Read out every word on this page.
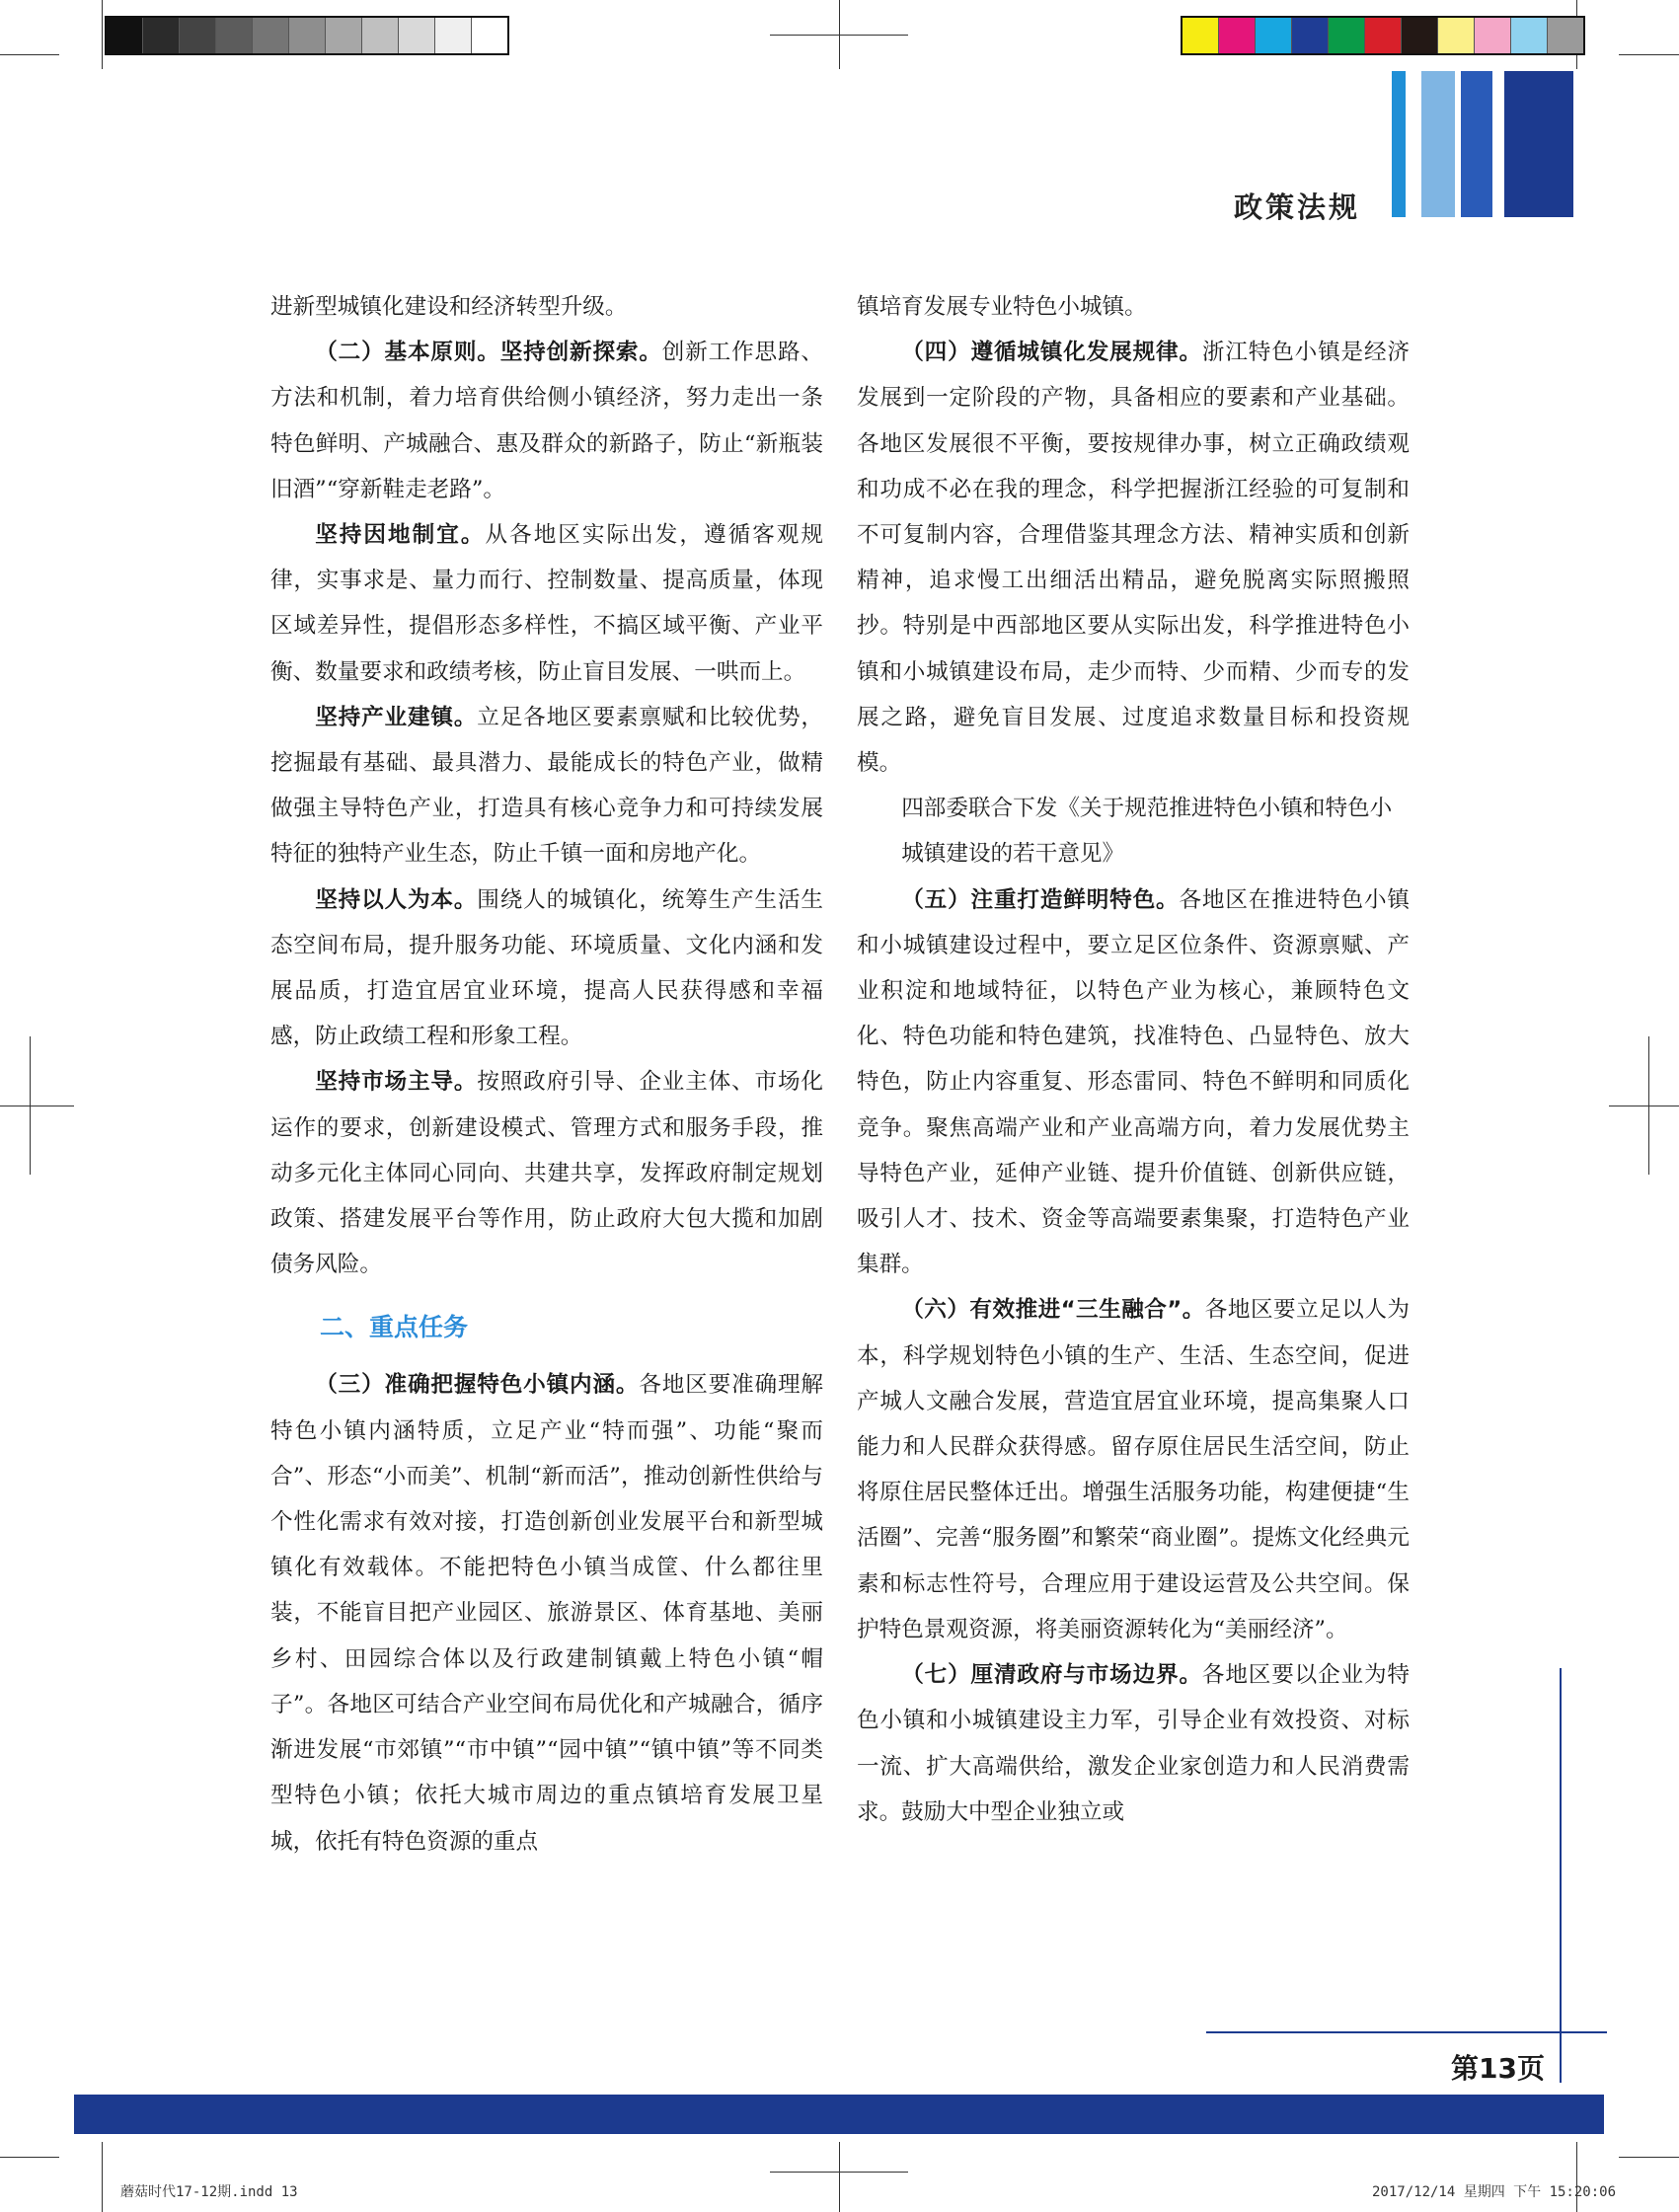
政策法规

进新型城镇化建设和经济转型升级。

（二）基本原则。坚持创新探索。创新工作思路、方法和机制，着力培育供给侧小镇经济，努力走出一条特色鲜明、产城融合、惠及群众的新路子，防止“新瓶装旧酒”“穿新鞋走老路”。

坚持因地制宜。从各地区实际出发，遵循客观规律，实事求是、量力而行、控制数量、提高质量，体现区域差异性，提倡形态多样性，不搞区域平衡、产业平衡、数量要求和政绩考核，防止盲目发展、一哄而上。

坚持产业建镇。立足各地区要素禀赋和比较优势，挖掘最有基础、最具潜力、最能成长的特色产业，做精做强主导特色产业，打造具有核心竞争力和可持续发展特征的独特产业生态，防止千镇一面和房地产化。

坚持以人为本。围绕人的城镇化，统筹生产生活生态空间布局，提升服务功能、环境质量、文化内涵和发展品质，打造宜居宜业环境，提高人民获得感和幸福感，防止政绩工程和形象工程。

坚持市场主导。按照政府引导、企业主体、市场化运作的要求，创新建设模式、管理方式和服务手段，推动多元化主体同心同向、共建共享，发挥政府制定规划政策、搭建发展平台等作用，防止政府大包大揽和加剧债务风险。

二、重点任务

（三）准确把握特色小镇内涵。各地区要准确理解特色小镇内涵特质，立足产业“特而强”、功能“聚而合”、形态“小而美”、机制“新而活”，推动创新性供给与个性化需求有效对接，打造创新创业发展平台和新型城镇化有效载体。不能把特色小镇当成筐、什么都往里装，不能盲目把产业园区、旅游景区、体育基地、美丽乡村、田园综合体以及行政建制镇戴上特色小镇“帽子”。各地区可结合产业空间布局优化和产城融合，循序渐进发展“市郊镇”“市中镇”“园中镇”“镇中镇”等不同类型特色小镇；依托大城市周边的重点镇培育发展卫星城，依托有特色资源的重点

镇培育发展专业特色小城镇。

（四）遵循城镇化发展规律。浙江特色小镇是经济发展到一定阶段的产物，具备相应的要素和产业基础。各地区发展很不平衡，要按规律办事，树立正确政绩观和功成不必在我的理念，科学把握浙江经验的可复制和不可复制内容，合理借鉴其理念方法、精神实质和创新精神，追求慢工出细活出精品，避免脱离实际照搬照抄。特别是中西部地区要从实际出发，科学推进特色小镇和小城镇建设布局，走少而特、少而精、少而专的发展之路，避免盲目发展、过度追求数量目标和投资规模。

四部委联合下发《关于规范推进特色小镇和特色小城镇建设的若干意见》

（五）注重打造鲜明特色。各地区在推进特色小镇和小城镇建设过程中，要立足区位条件、资源禀赋、产业积淀和地域特征，以特色产业为核心，兼顾特色文化、特色功能和特色建筑，找准特色、凸显特色、放大特色，防止内容重复、形态雷同、特色不鲜明和同质化竞争。聚焦高端产业和产业高端方向，着力发展优势主导特色产业，延伸产业链、提升价值链、创新供应链，吸引人才、技术、资金等高端要素集聚，打造特色产业集群。

（六）有效推进“三生融合”。各地区要立足以人为本，科学规划特色小镇的生产、生活、生态空间，促进产城人文融合发展，营造宜居宜业环境，提高集聚人口能力和人民群众获得感。留存原住居民生活空间，防止将原住居民整体迁出。增强生活服务功能，构建便捷“生活圈”、完善“服务圈”和繁荣“商业圈”。提炼文化经典元素和标志性符号，合理应用于建设运营及公共空间。保护特色景观资源，将美丽资源转化为“美丽经济”。

（七）厘清政府与市场边界。各地区要以企业为特色小镇和小城镇建设主力军，引导企业有效投资、对标一流、扩大高端供给，激发企业家创造力和人民消费需求。鼓励大中型企业独立或

第13页
蘑菇时代17-12期.indd 13	2017/12/14 星期四 下午 15:20:06
